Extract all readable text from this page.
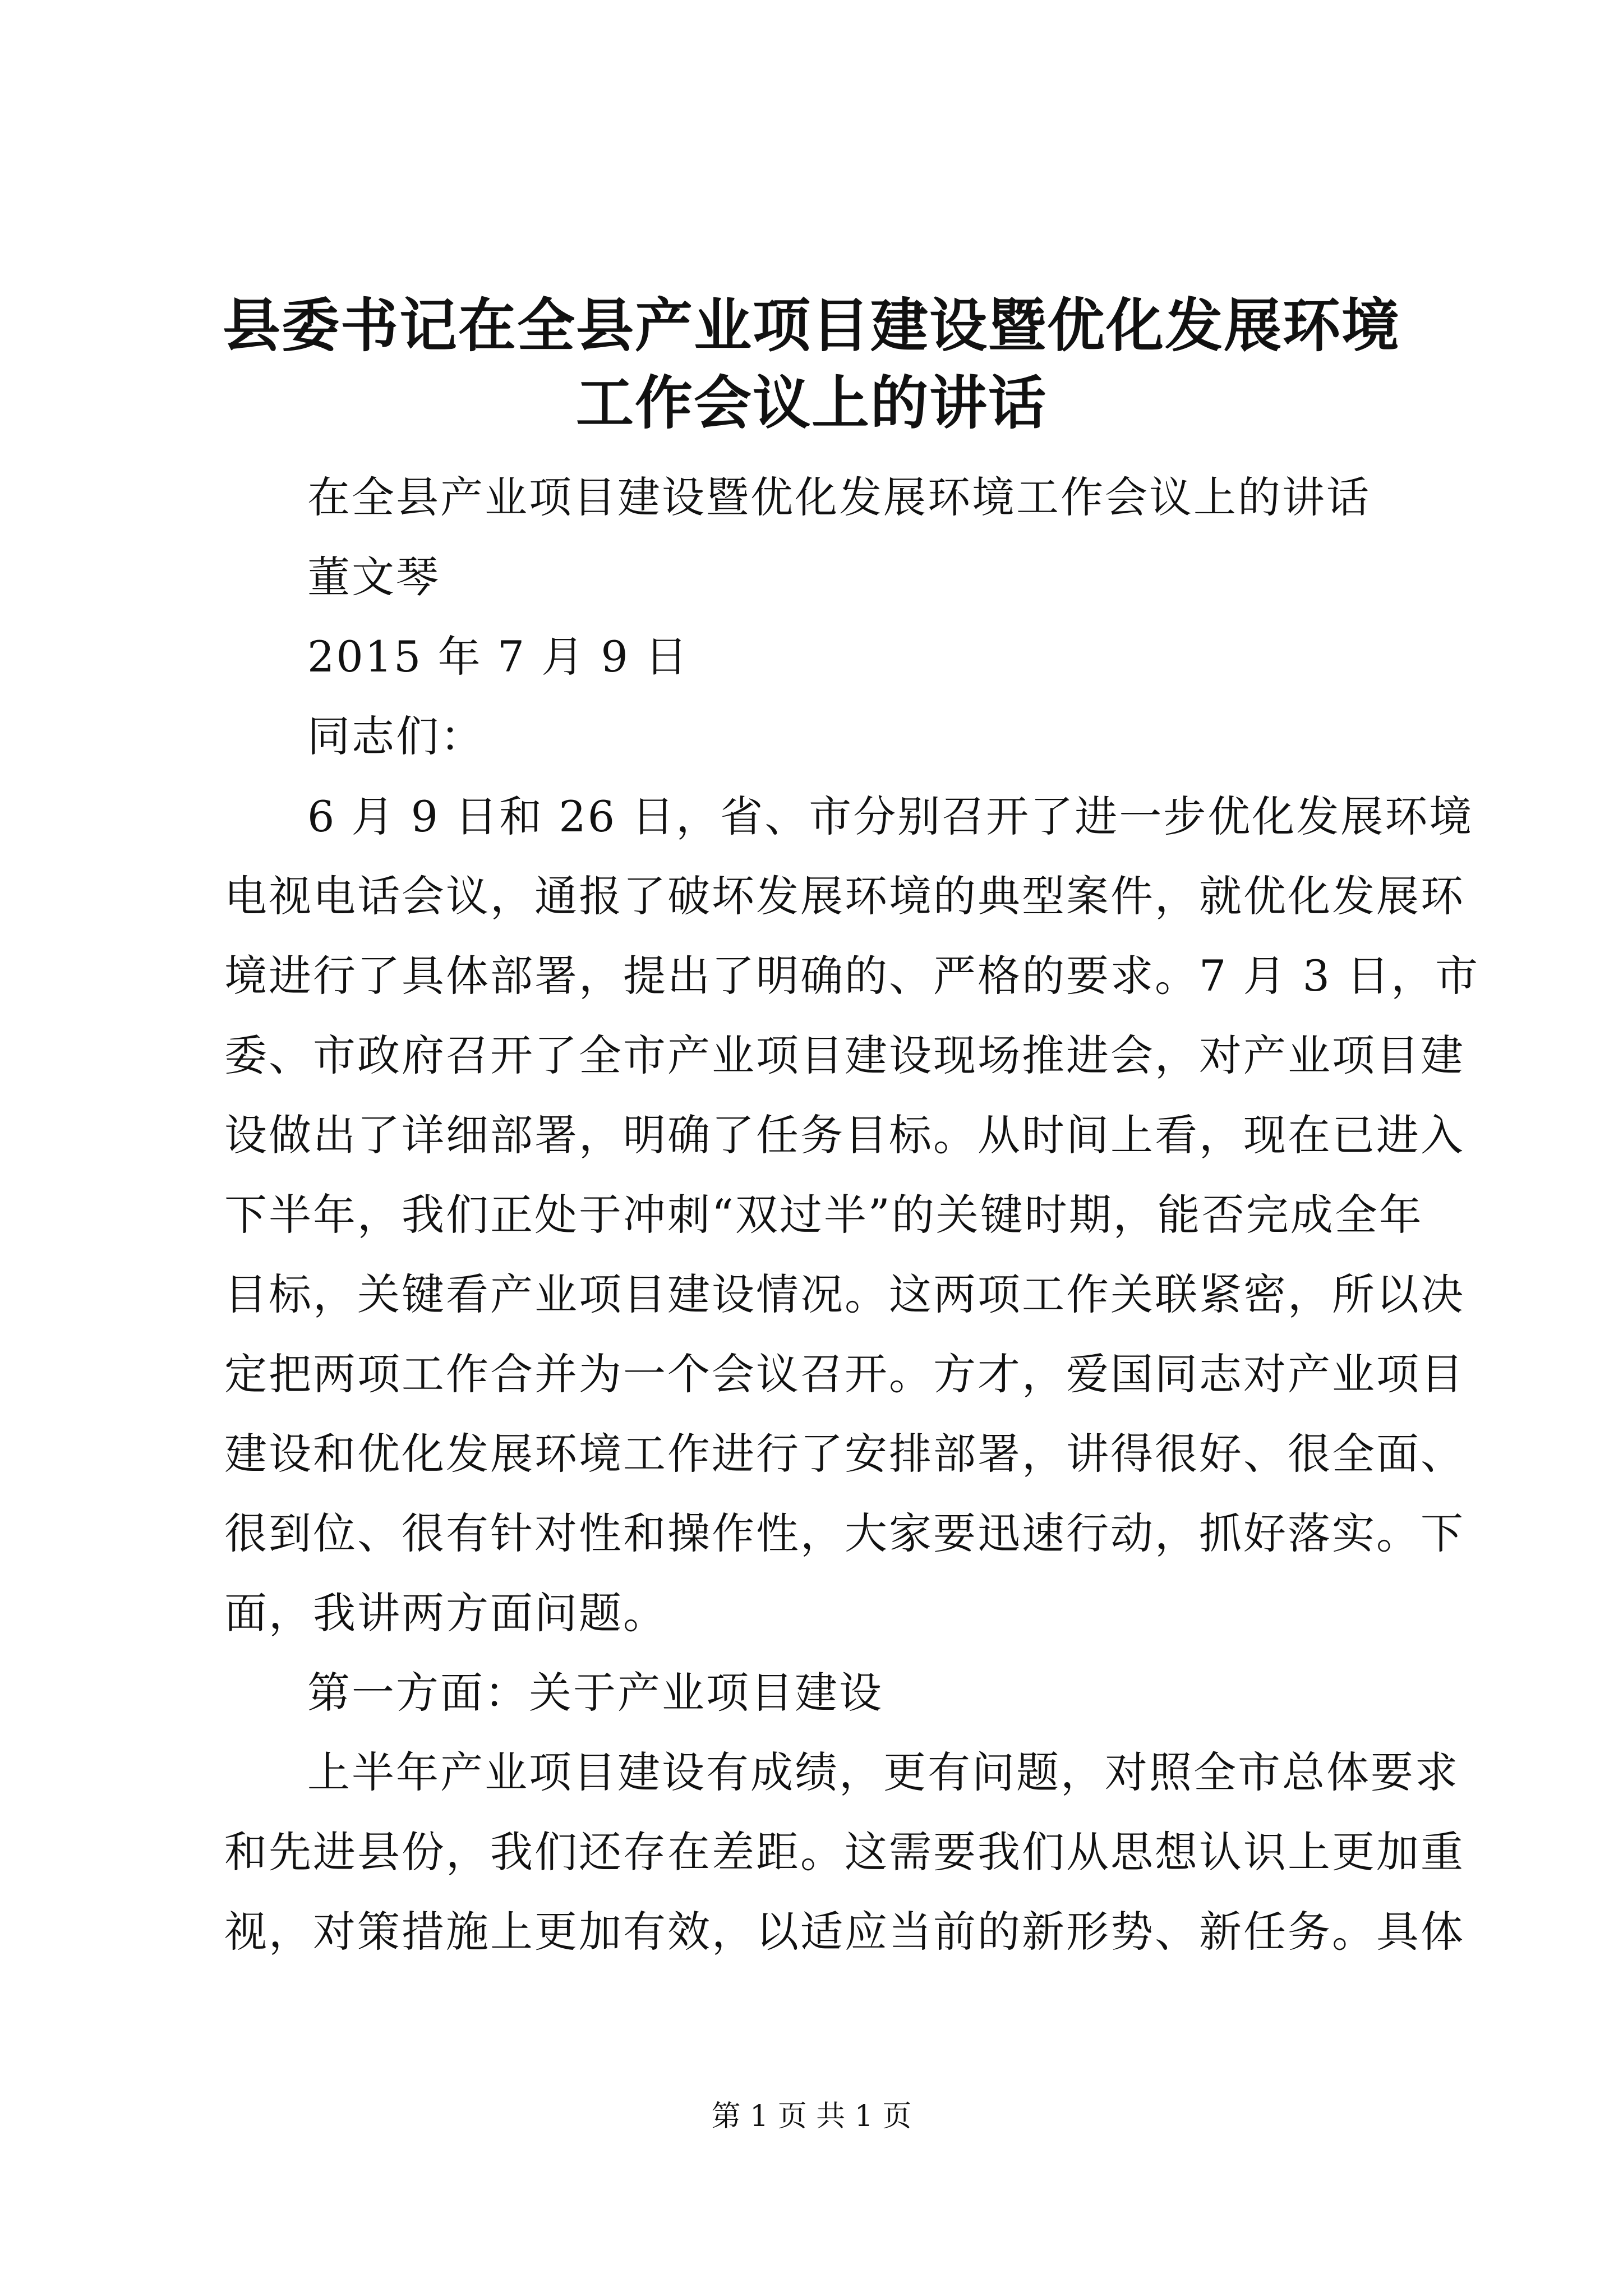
县委书记在全县产业项目建设暨优化发展环境
工作会议上的讲话

在全县产业项目建设暨优化发展环境工作会议上的讲话

董文琴

2015 年 7 月 9 日

同志们：

6 月 9 日和 26 日，省、市分别召开了进一步优化发展环境

电视电话会议，通报了破坏发展环境的典型案件，就优化发展环

境进行了具体部署，提出了明确的、严格的要求。7 月 3 日，市

委、市政府召开了全市产业项目建设现场推进会，对产业项目建

设做出了详细部署，明确了任务目标。从时间上看，现在已进入

下半年，我们正处于冲刺“双过半”的关键时期，能否完成全年

目标，关键看产业项目建设情况。这两项工作关联紧密，所以决

定把两项工作合并为一个会议召开。方才，爱国同志对产业项目

建设和优化发展环境工作进行了安排部署，讲得很好、很全面、

很到位、很有针对性和操作性，大家要迅速行动，抓好落实。下

面，我讲两方面问题。

第一方面：关于产业项目建设

上半年产业项目建设有成绩，更有问题，对照全市总体要求

和先进县份，我们还存在差距。这需要我们从思想认识上更加重

视，对策措施上更加有效，以适应当前的新形势、新任务。具体

第 1 页 共 1 页
